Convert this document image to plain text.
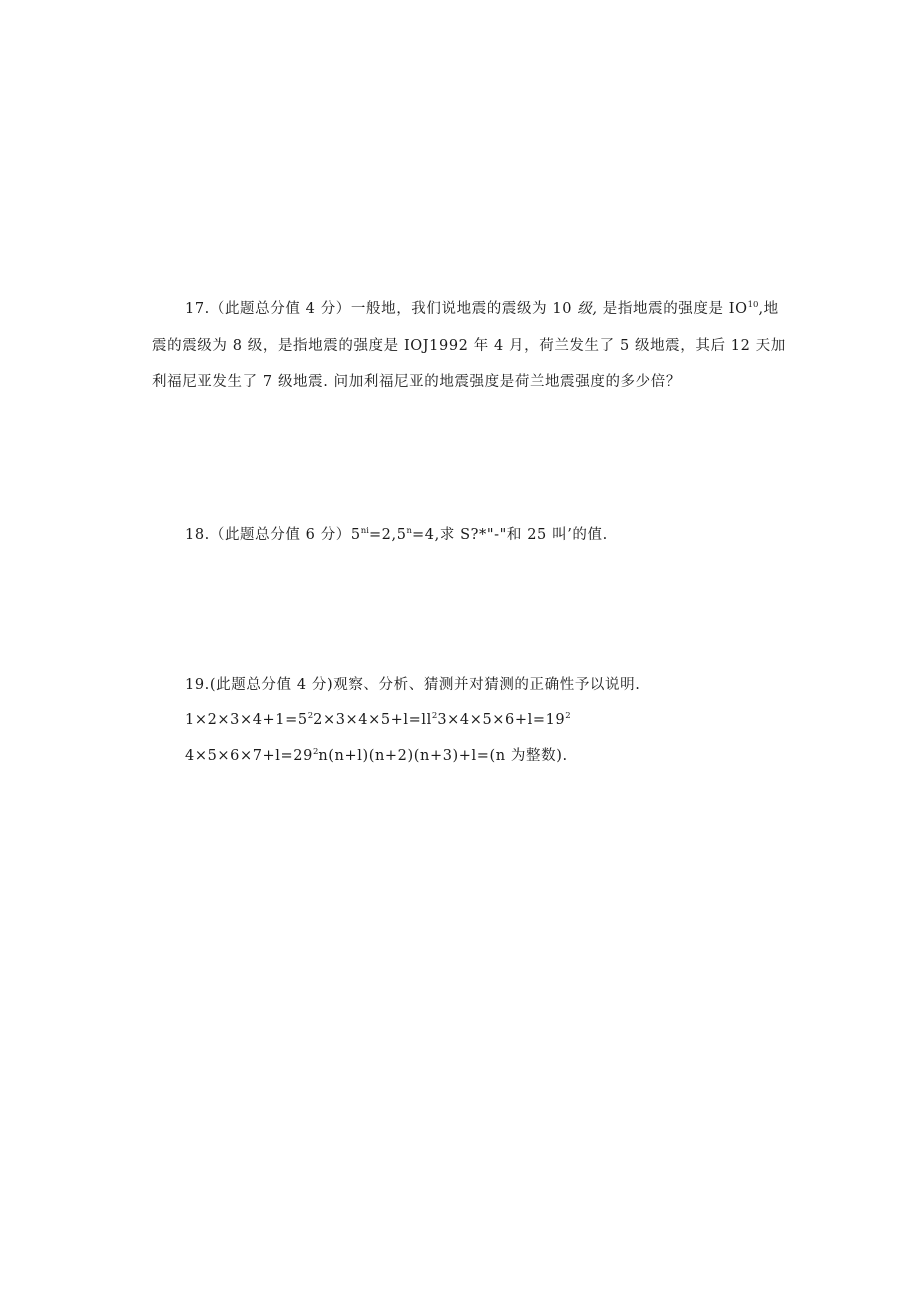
17.（此题总分值 4 分）一般地，我们说地震的震级为 10 级, 是指地震的强度是 IO$^{10}$,地
震的震级为 8 级，是指地震的强度是 IOJ1992 年 4 月，荷兰发生了 5 级地震，其后 12 天加
利福尼亚发生了 7 级地震. 问加利福尼亚的地震强度是荷兰地震强度的多少倍？
18.（此题总分值 6 分）$5^{ni}=2,5^n=4$,求 S?*"-"和 25 叫’的值.
19.(此题总分值 4 分)观察、分析、猜测并对猜测的正确性予以说明.
$1\times 2\times 3\times 4+1=5^22\times 3\times 4\times 5+l=ll^23\times 4\times 5\times 6+l=19^2$
$4\times 5\times 6\times 7+l=29^2n(n+l)(n+2)(n+3)+l=(n$ 为整数).
